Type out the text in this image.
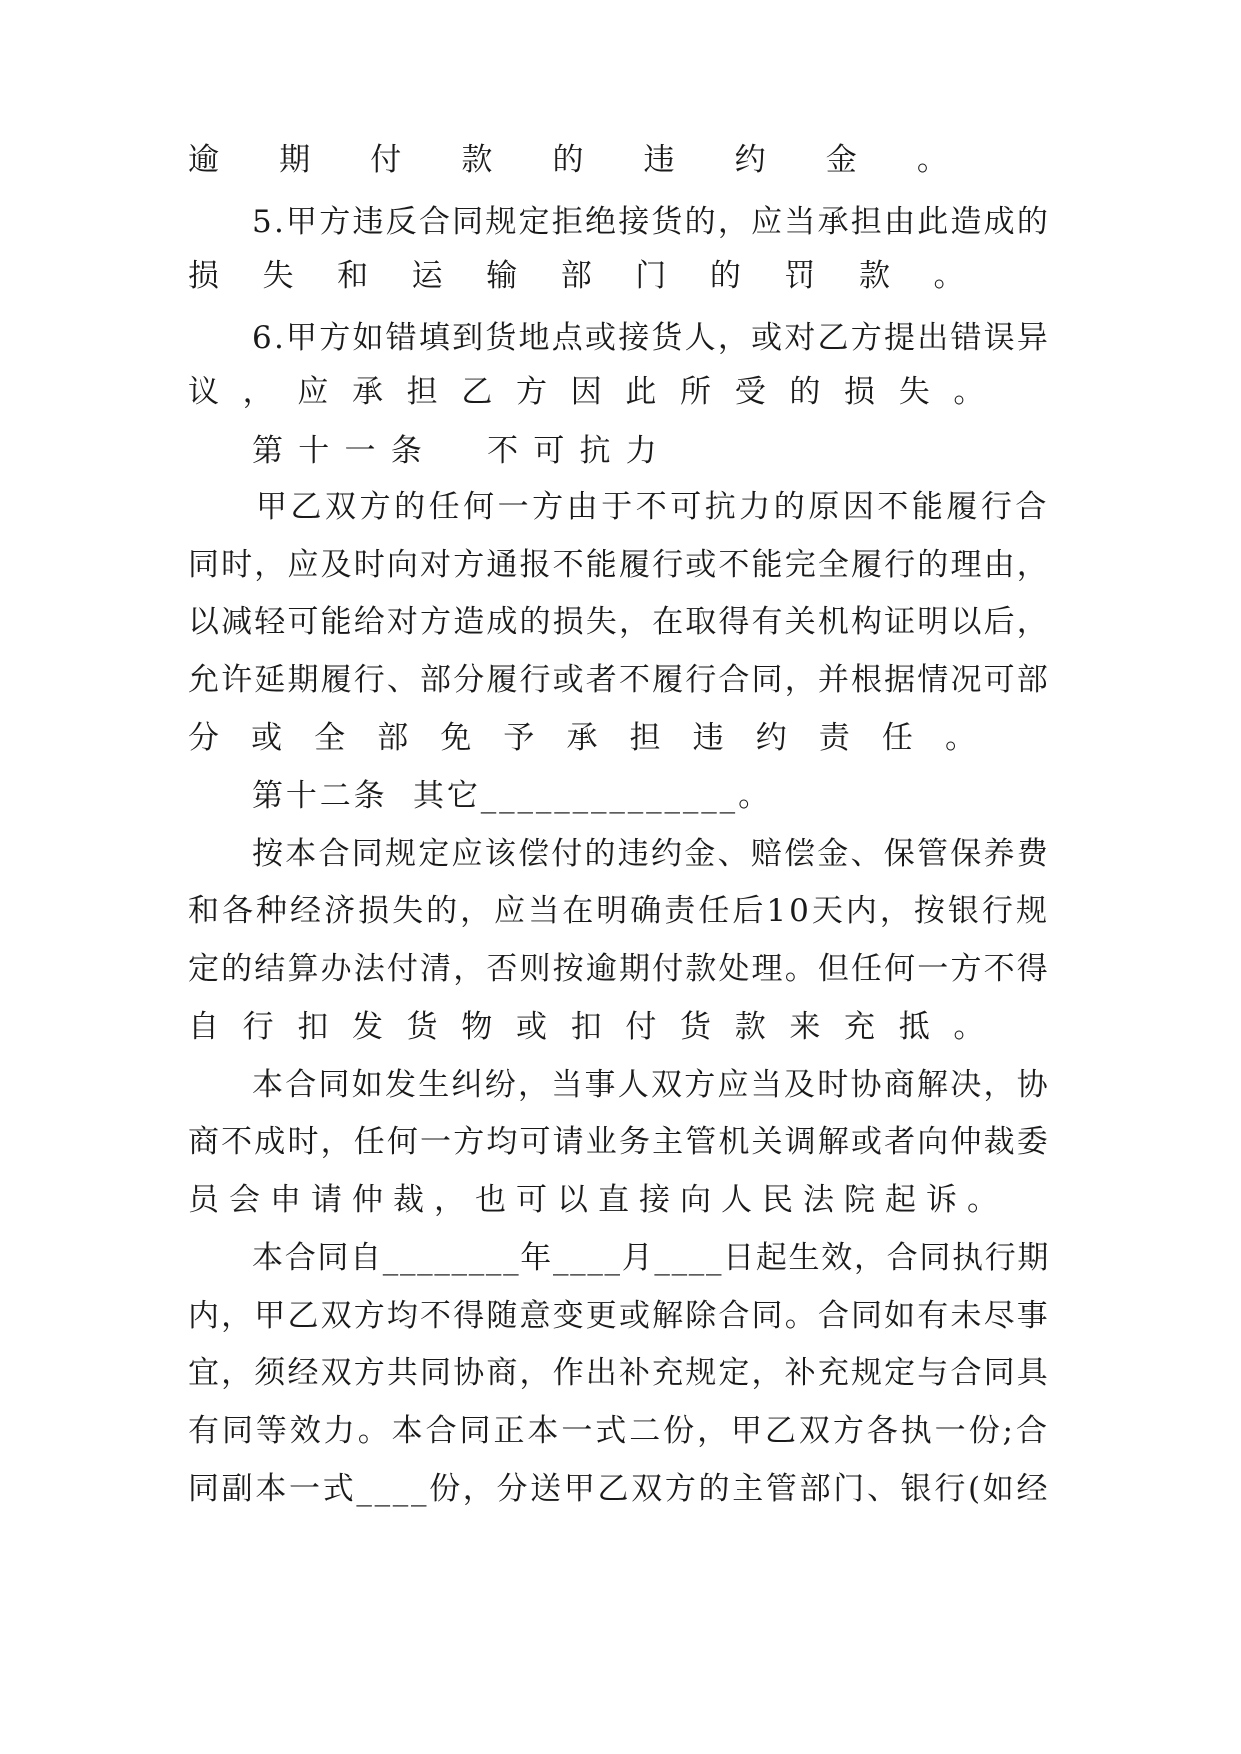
逾期付款的违约金。
5.甲方违反合同规定拒绝接货的，应当承担由此造成的
损失和运输部门的罚款。
6.甲方如错填到货地点或接货人，或对乙方提出错误异
议，应承担乙方因此所受的损失。
第十一条  不可抗力
甲乙双方的任何一方由于不可抗力的原因不能履行合
同时，应及时向对方通报不能履行或不能完全履行的理由，
以减轻可能给对方造成的损失，在取得有关机构证明以后，
允许延期履行、部分履行或者不履行合同，并根据情况可部
分或全部免予承担违约责任。
第十二条  其它______________。
按本合同规定应该偿付的违约金、赔偿金、保管保养费
和各种经济损失的，应当在明确责任后10天内，按银行规
定的结算办法付清，否则按逾期付款处理。但任何一方不得
自行扣发货物或扣付货款来充抵。
本合同如发生纠纷，当事人双方应当及时协商解决，协
商不成时，任何一方均可请业务主管机关调解或者向仲裁委
员会申请仲裁，也可以直接向人民法院起诉。
本合同自________年____月____日起生效，合同执行期
内，甲乙双方均不得随意变更或解除合同。合同如有未尽事
宜，须经双方共同协商，作出补充规定，补充规定与合同具
有同等效力。本合同正本一式二份，甲乙双方各执一份;合
同副本一式____份，分送甲乙双方的主管部门、银行(如经
